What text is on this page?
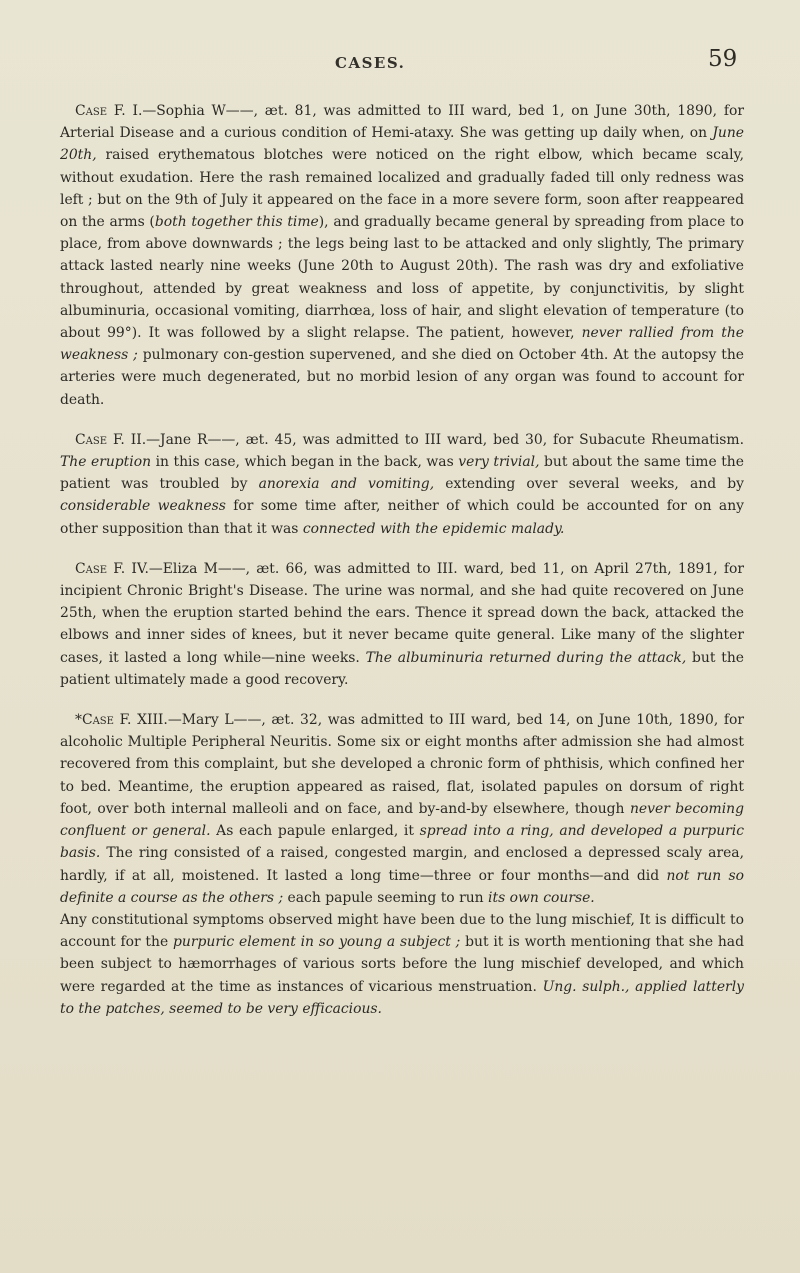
CASES.	59

Case F. I.—Sophia W——, æt. 81, was admitted to III ward, bed 1, on June 30th, 1890, for Arterial Disease and a curious condition of Hemi-ataxy. She was getting up daily when, on June 20th, raised erythematous blotches were noticed on the right elbow, which became scaly, without exudation. Here the rash remained localized and gradually faded till only redness was left ; but on the 9th of July it appeared on the face in a more severe form, soon after reappeared on the arms (both together this time), and gradually became general by spreading from place to place, from above downwards ; the legs being last to be attacked and only slightly, The primary attack lasted nearly nine weeks (June 20th to August 20th). The rash was dry and exfoliative throughout, attended by great weakness and loss of appetite, by conjunctivitis, by slight albuminuria, occasional vomiting, diarrhœa, loss of hair, and slight elevation of temperature (to about 99°). It was followed by a slight relapse. The patient, however, never rallied from the weakness ; pulmonary con-gestion supervened, and she died on October 4th. At the autopsy the arteries were much degenerated, but no morbid lesion of any organ was found to account for death.

Case F. II.—Jane R——, æt. 45, was admitted to III ward, bed 30, for Subacute Rheumatism. The eruption in this case, which began in the back, was very trivial, but about the same time the patient was troubled by anorexia and vomiting, extending over several weeks, and by considerable weakness for some time after, neither of which could be accounted for on any other supposition than that it was connected with the epidemic malady.

Case F. IV.—Eliza M——, æt. 66, was admitted to III. ward, bed 11, on April 27th, 1891, for incipient Chronic Bright's Disease. The urine was normal, and she had quite recovered on June 25th, when the eruption started behind the ears. Thence it spread down the back, attacked the elbows and inner sides of knees, but it never became quite general. Like many of the slighter cases, it lasted a long while—nine weeks. The albuminuria returned during the attack, but the patient ultimately made a good recovery.

*Case F. XIII.—Mary L——, æt. 32, was admitted to III ward, bed 14, on June 10th, 1890, for alcoholic Multiple Peripheral Neuritis. Some six or eight months after admission she had almost recovered from this complaint, but she developed a chronic form of phthisis, which confined her to bed. Meantime, the eruption appeared as raised, flat, isolated papules on dorsum of right foot, over both internal malleoli and on face, and by-and-by elsewhere, though never becoming confluent or general. As each papule enlarged, it spread into a ring, and developed a purpuric basis. The ring consisted of a raised, congested margin, and enclosed a depressed scaly area, hardly, if at all, moistened. It lasted a long time—three or four months—and did not run so definite a course as the others ; each papule seeming to run its own course.

Any constitutional symptoms observed might have been due to the lung mischief, It is difficult to account for the purpuric element in so young a subject ; but it is worth mentioning that she had been subject to hæmorrhages of various sorts before the lung mischief developed, and which were regarded at the time as instances of vicarious menstruation. Ung. sulph., applied latterly to the patches, seemed to be very efficacious.
